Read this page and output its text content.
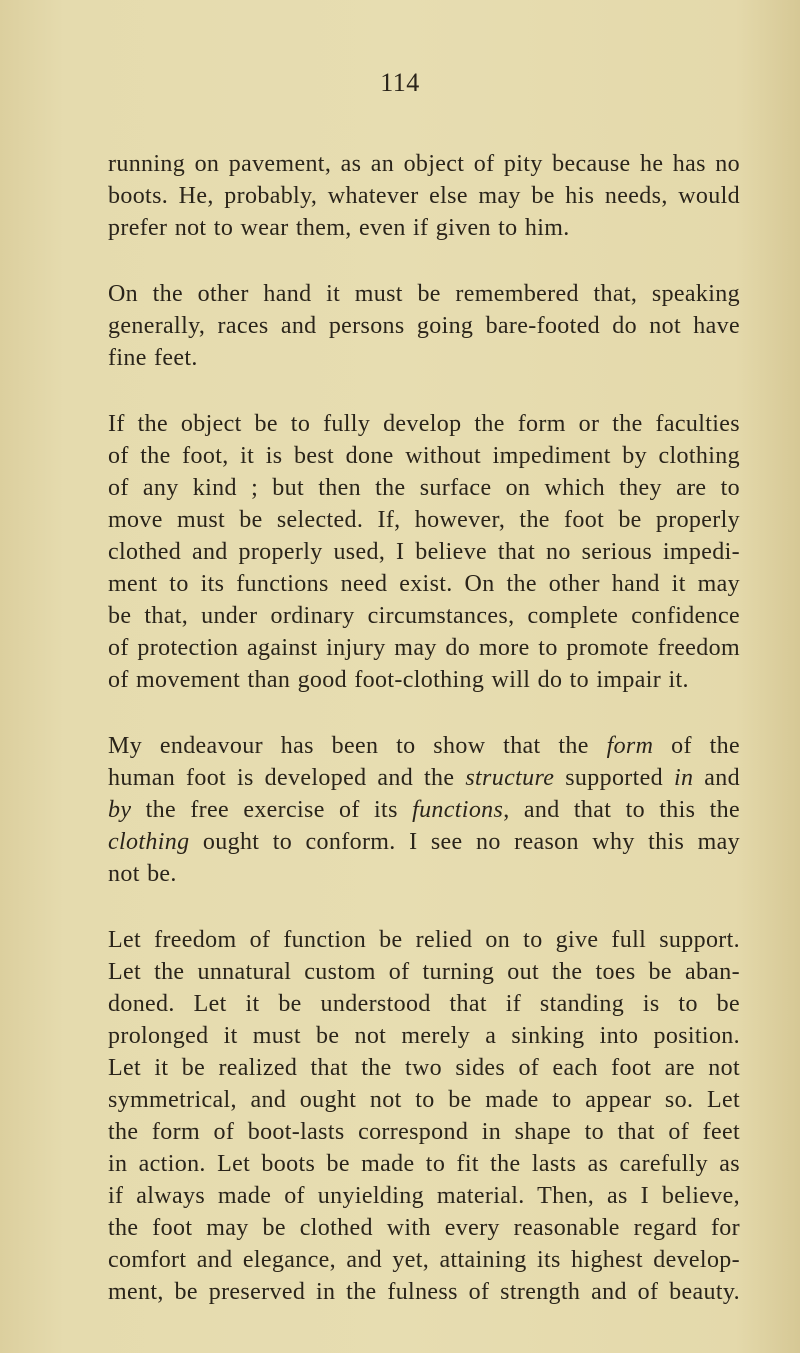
114

running on pavement, as an object of pity because he has no
boots. He, probably, whatever else may be his needs, would
prefer not to wear them, even if given to him.

On the other hand it must be remembered that, speaking
generally, races and persons going bare-footed do not have
fine feet.

If the object be to fully develop the form or the faculties
of the foot, it is best done without impediment by clothing
of any kind ; but then the surface on which they are to
move must be selected. If, however, the foot be properly
clothed and properly used, I believe that no serious impedi-
ment to its functions need exist. On the other hand it may
be that, under ordinary circumstances, complete confidence
of protection against injury may do more to promote freedom
of movement than good foot-clothing will do to impair it.

My endeavour has been to show that the form of the
human foot is developed and the structure supported in and
by the free exercise of its functions, and that to this the
clothing ought to conform. I see no reason why this may
not be.

Let freedom of function be relied on to give full support.
Let the unnatural custom of turning out the toes be aban-
doned. Let it be understood that if standing is to be
prolonged it must be not merely a sinking into position.
Let it be realized that the two sides of each foot are not
symmetrical, and ought not to be made to appear so. Let
the form of boot-lasts correspond in shape to that of feet
in action. Let boots be made to fit the lasts as carefully as
if always made of unyielding material. Then, as I believe,
the foot may be clothed with every reasonable regard for
comfort and elegance, and yet, attaining its highest develop-
ment, be preserved in the fulness of strength and of beauty.
